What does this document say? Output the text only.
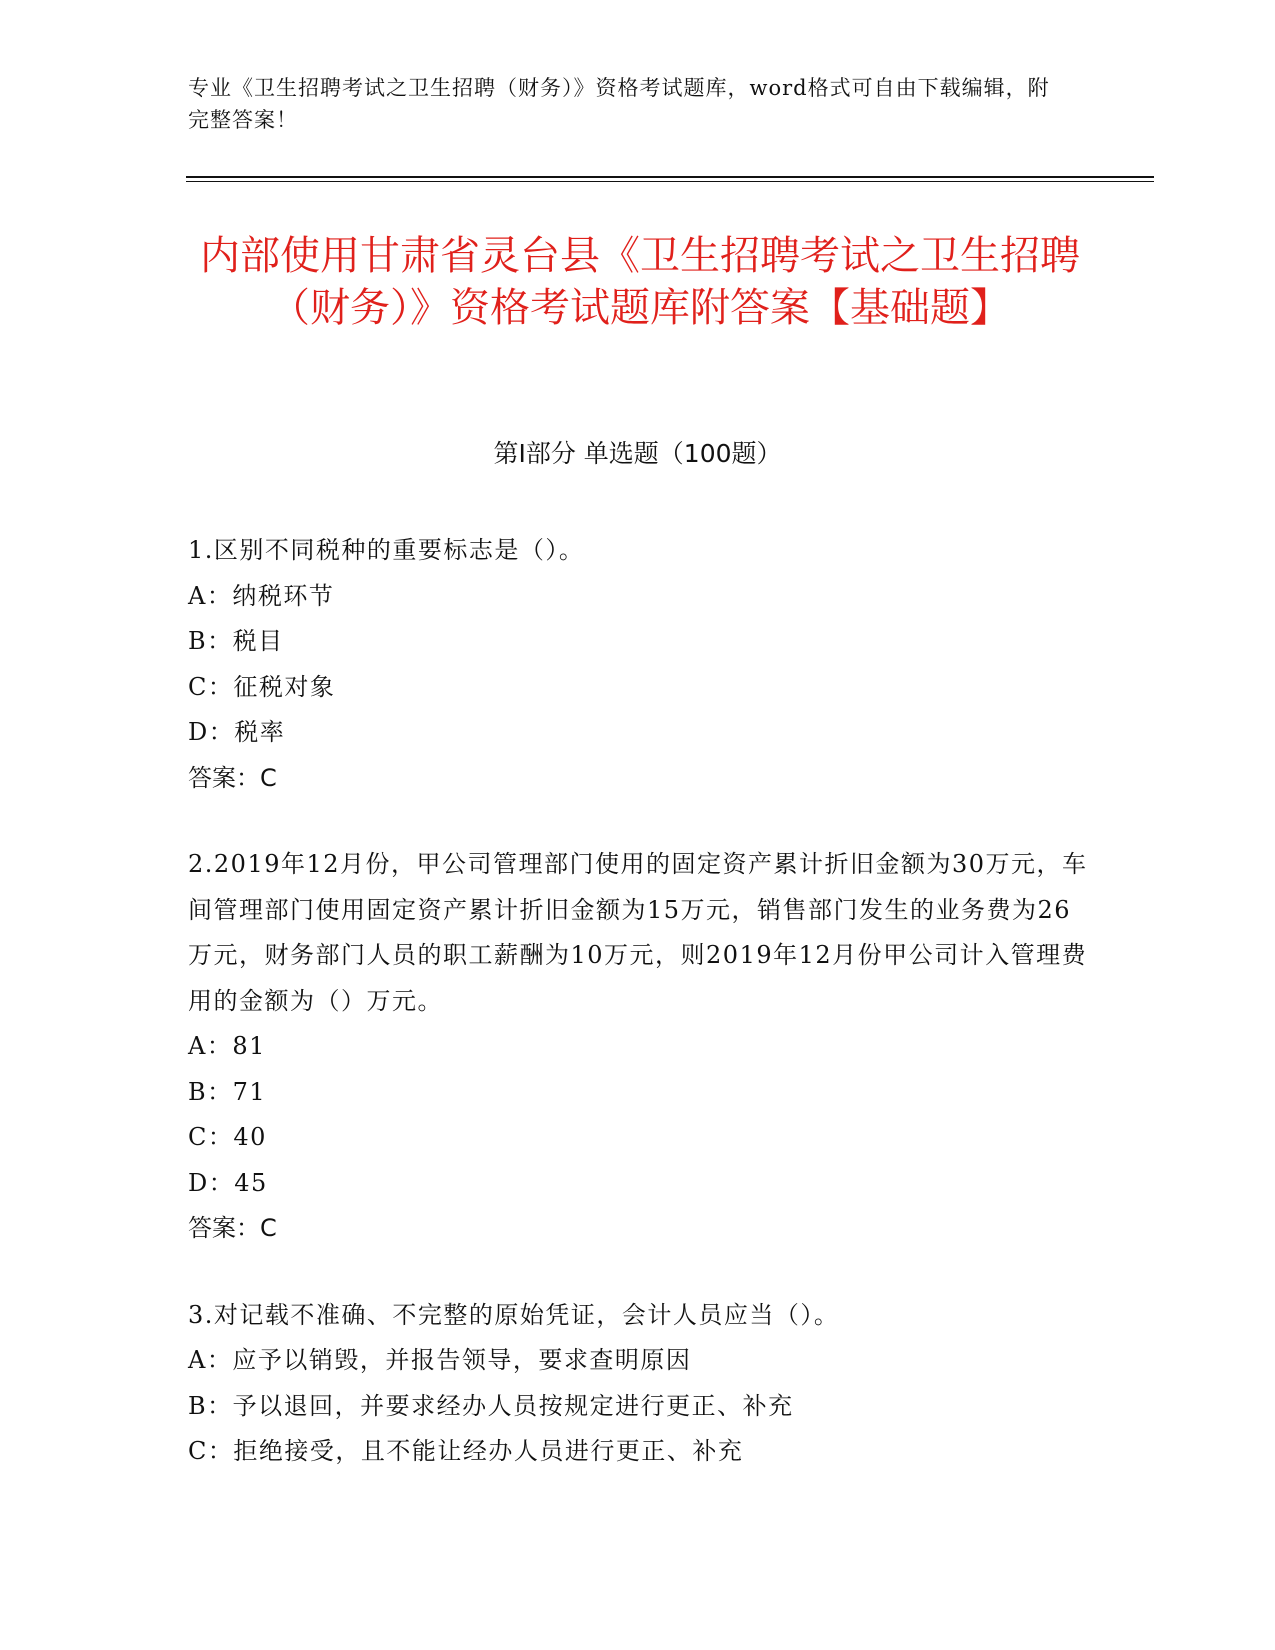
专业《卫生招聘考试之卫生招聘（财务）》资格考试题库，word格式可自由下载编辑，附完整答案！
内部使用甘肃省灵台县《卫生招聘考试之卫生招聘（财务）》资格考试题库附答案【基础题】
第I部分 单选题（100题）
1.区别不同税种的重要标志是（）。
A：纳税环节
B：税目
C：征税对象
D：税率
答案：C
2.2019年12月份，甲公司管理部门使用的固定资产累计折旧金额为30万元，车间管理部门使用固定资产累计折旧金额为15万元，销售部门发生的业务费为26万元，财务部门人员的职工薪酬为10万元，则2019年12月份甲公司计入管理费用的金额为（）万元。
A：81
B：71
C：40
D：45
答案：C
3.对记载不准确、不完整的原始凭证，会计人员应当（）。
A：应予以销毁，并报告领导，要求查明原因
B：予以退回，并要求经办人员按规定进行更正、补充
C：拒绝接受，且不能让经办人员进行更正、补充
